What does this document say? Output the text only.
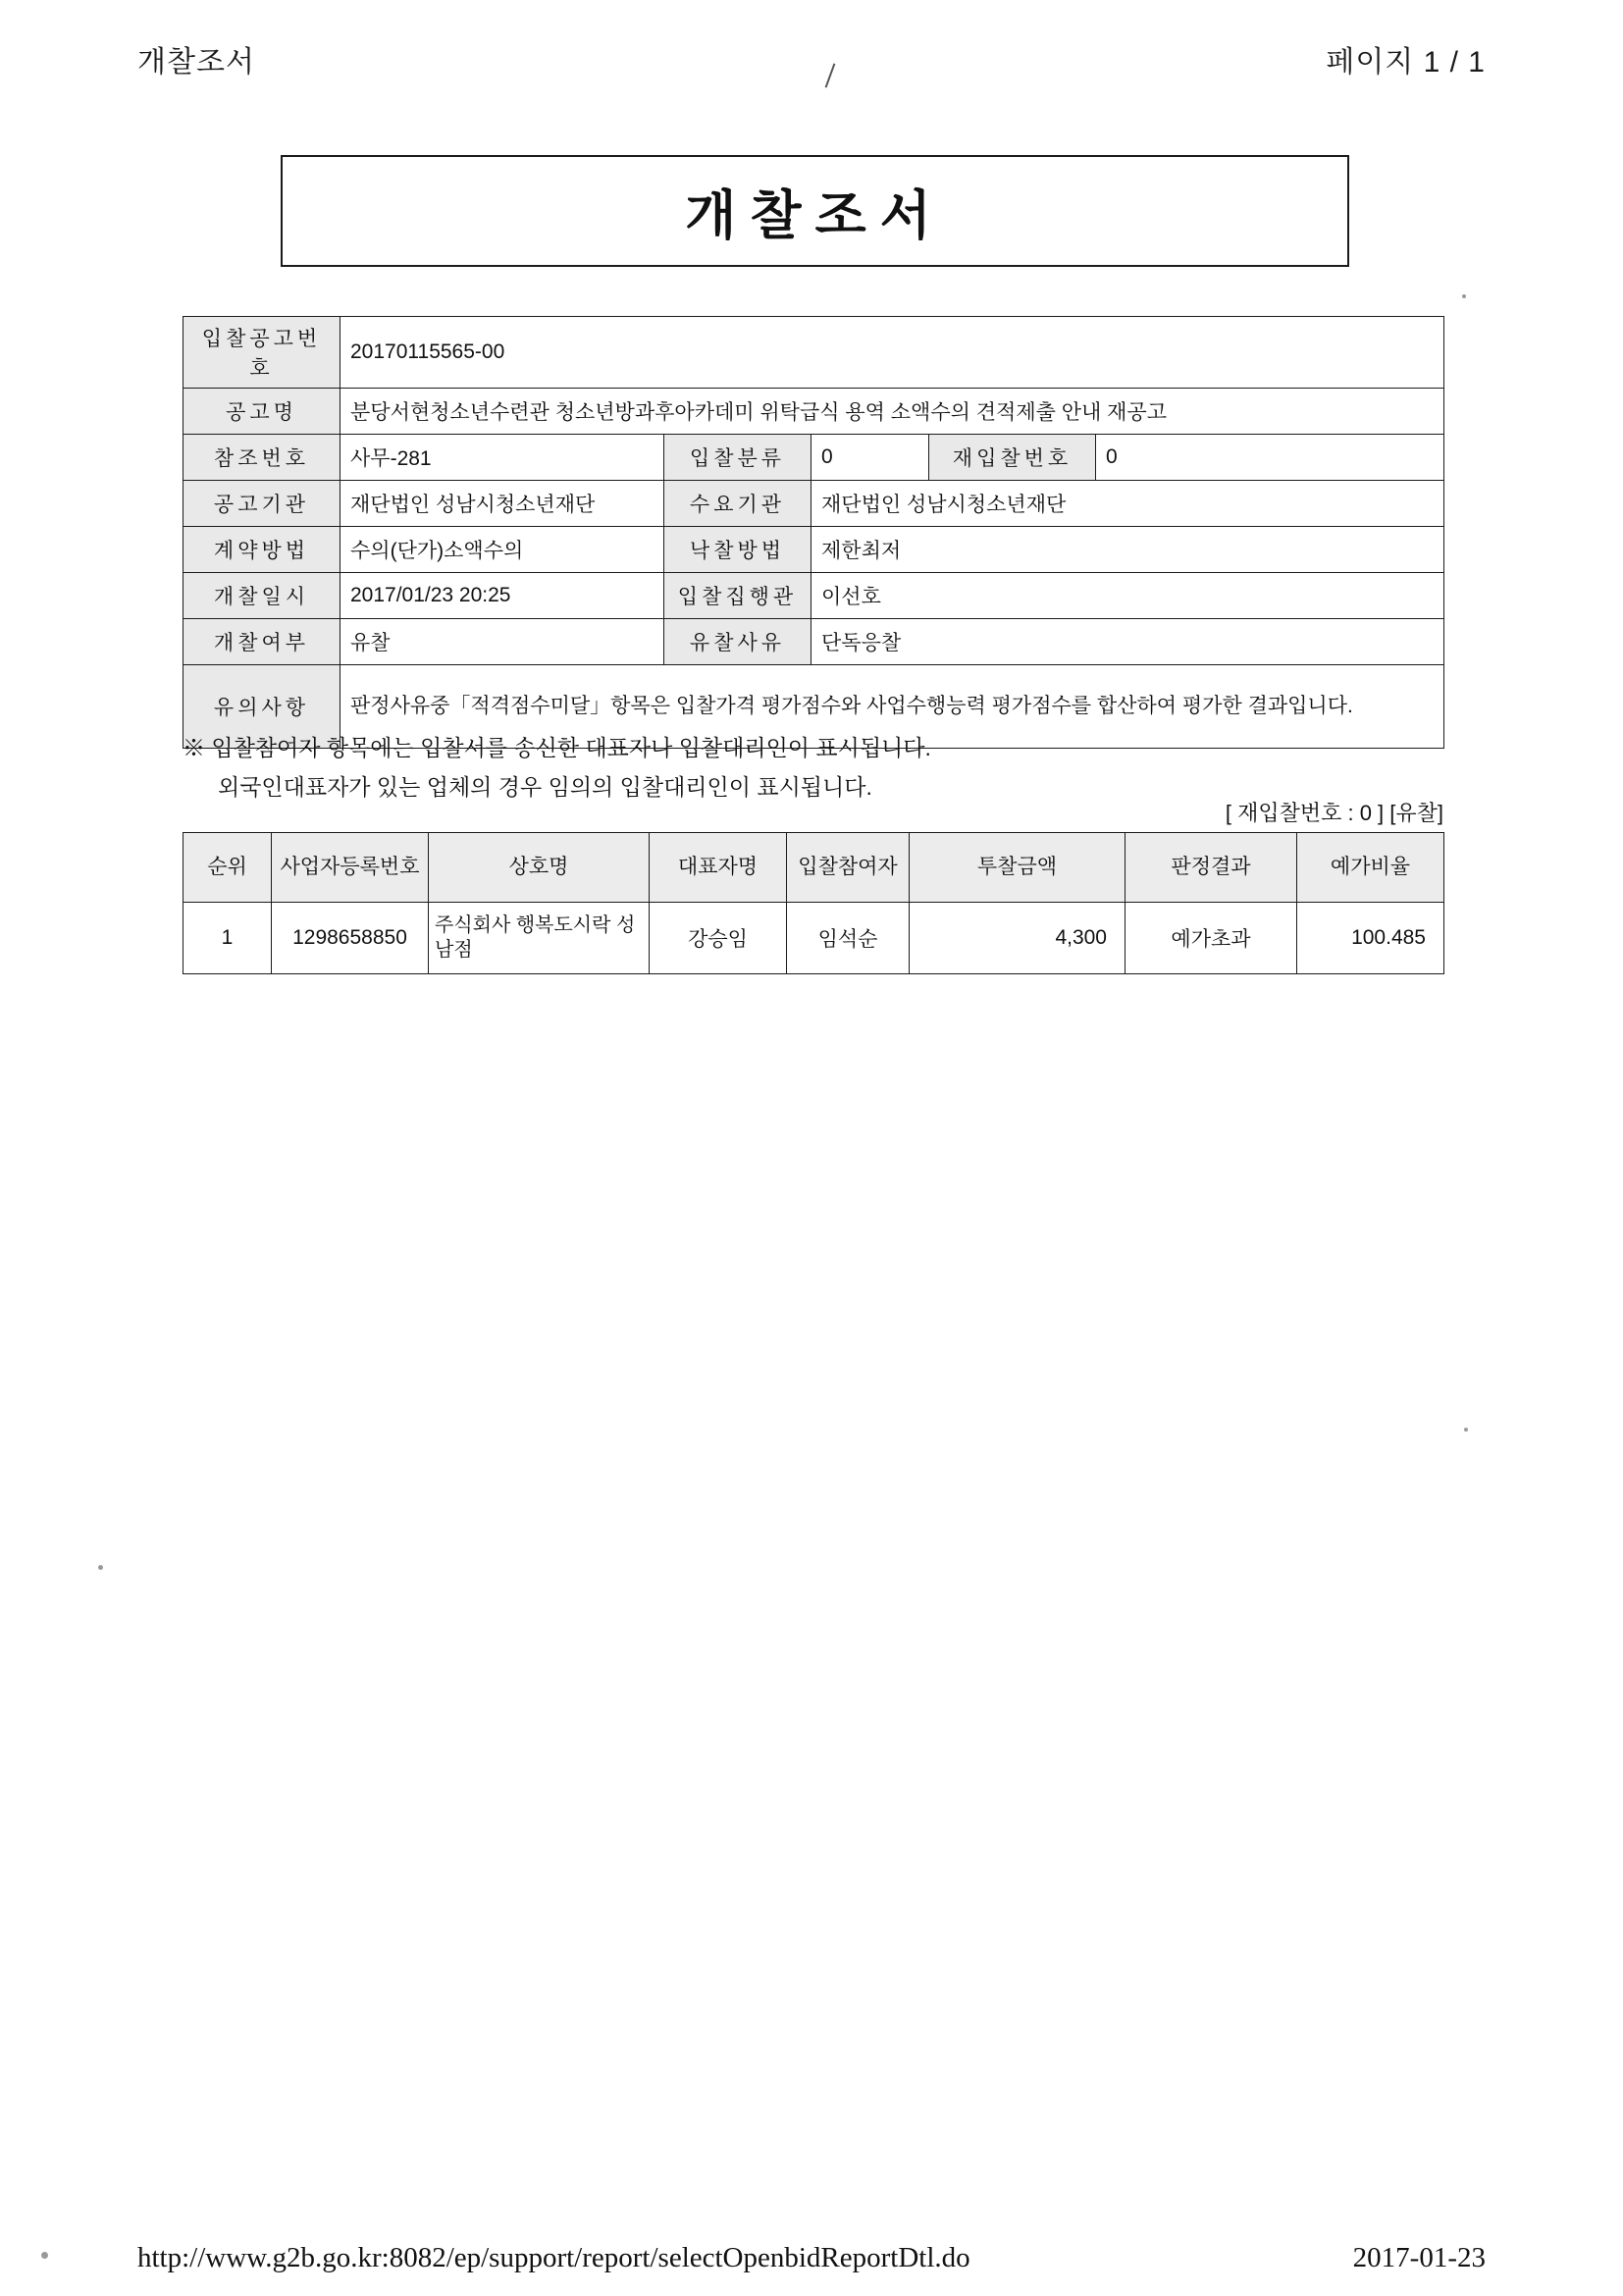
개찰조서	페이지 1 / 1
개찰조서
입찰공고번호	20170115565-00				
공고명	분당서현청소년수련관 청소년방과후아카데미 위탁급식 용역 소액수의 견적제출 안내 재공고				
참조번호	사무-281	입찰분류	0	재입찰번호	0
공고기관	재단법인 성남시청소년재단	수요기관	재단법인 성남시청소년재단		
계약방법	수의(단가)소액수의	낙찰방법	제한최저		
개찰일시	2017/01/23 20:25	입찰집행관	이선호		
개찰여부	유찰	유찰사유	단독응찰		
유의사항	판정사유중「적격점수미달」항목은 입찰가격 평가점수와 사업수행능력 평가점수를 합산하여 평가한 결과입니다.				
※ 입찰참여자 항목에는 입찰서를 송신한 대표자나 입찰대리인이 표시됩니다.

외국인대표자가 있는 업체의 경우 임의의 입찰대리인이 표시됩니다.
[ 재입찰번호 : 0 ] [유찰]
순위	사업자등록번호	상호명	대표자명	입찰참여자	투찰금액	판정결과	예가비율
1	1298658850	주식회사 행복도시락 성남점	강승임	임석순	4,300	예가초과	100.485
http://www.g2b.go.kr:8082/ep/support/report/selectOpenbidReportDtl.do	2017-01-23
